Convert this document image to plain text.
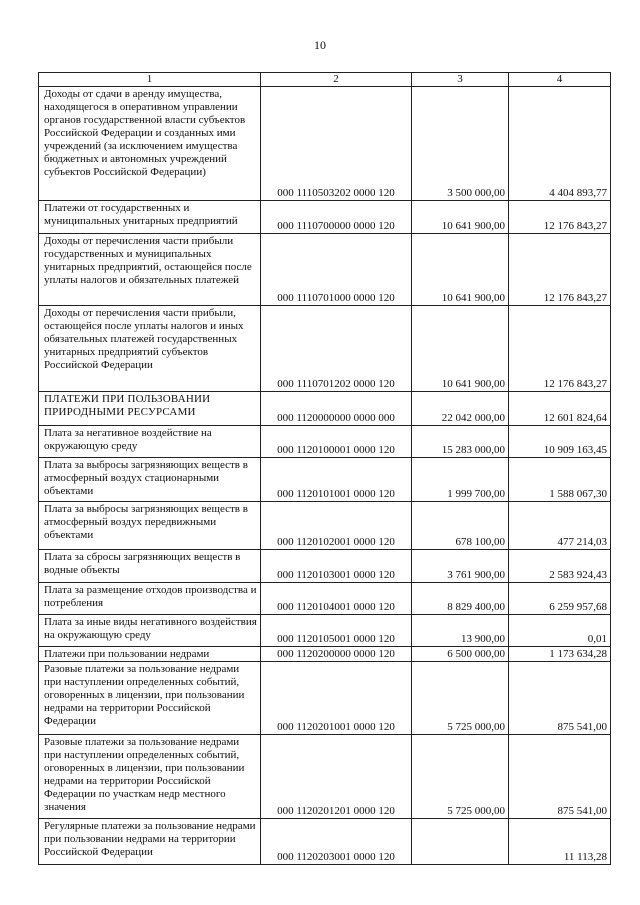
10
1	2	3	4
Доходы от сдачи в аренду имущества, находящегося в оперативном управлении органов государственной власти субъектов Российской Федерации и созданных ими учреждений (за исключением имущества бюджетных и автономных учреждений субъектов Российской Федерации)	000 1110503202 0000 120	3 500 000,00	4 404 893,77
Платежи от государственных и муниципальных унитарных предприятий	000 1110700000 0000 120	10 641 900,00	12 176 843,27
Доходы от перечисления части прибыли государственных и муниципальных унитарных предприятий, остающейся после уплаты налогов и обязательных платежей	000 1110701000 0000 120	10 641 900,00	12 176 843,27
Доходы от перечисления части прибыли, остающейся после уплаты налогов и иных обязательных платежей государственных унитарных предприятий субъектов Российской Федерации	000 1110701202 0000 120	10 641 900,00	12 176 843,27
ПЛАТЕЖИ ПРИ ПОЛЬЗОВАНИИ ПРИРОДНЫМИ РЕСУРСАМИ	000 1120000000 0000 000	22 042 000,00	12 601 824,64
Плата за негативное воздействие на окружающую среду	000 1120100001 0000 120	15 283 000,00	10 909 163,45
Плата за выбросы загрязняющих веществ в атмосферный воздух стационарными объектами	000 1120101001 0000 120	1 999 700,00	1 588 067,30
Плата за выбросы загрязняющих веществ в атмосферный воздух передвижными объектами	000 1120102001 0000 120	678 100,00	477 214,03
Плата за сбросы загрязняющих веществ в водные объекты	000 1120103001 0000 120	3 761 900,00	2 583 924,43
Плата за размещение отходов производства и потребления	000 1120104001 0000 120	8 829 400,00	6 259 957,68
Плата за иные виды негативного воздействия на окружающую среду	000 1120105001 0000 120	13 900,00	0,01
Платежи при пользовании недрами	000 1120200000 0000 120	6 500 000,00	1 173 634,28
Разовые платежи за пользование недрами при наступлении определенных событий, оговоренных в лицензии, при пользовании недрами на территории Российской Федерации	000 1120201001 0000 120	5 725 000,00	875 541,00
Разовые платежи за пользование недрами при наступлении определенных событий, оговоренных в лицензии, при пользовании недрами на территории Российской Федерации по участкам недр местного значения	000 1120201201 0000 120	5 725 000,00	875 541,00
Регулярные платежи за пользование недрами при пользовании недрами на территории Российской Федерации	000 1120203001 0000 120		11 113,28
